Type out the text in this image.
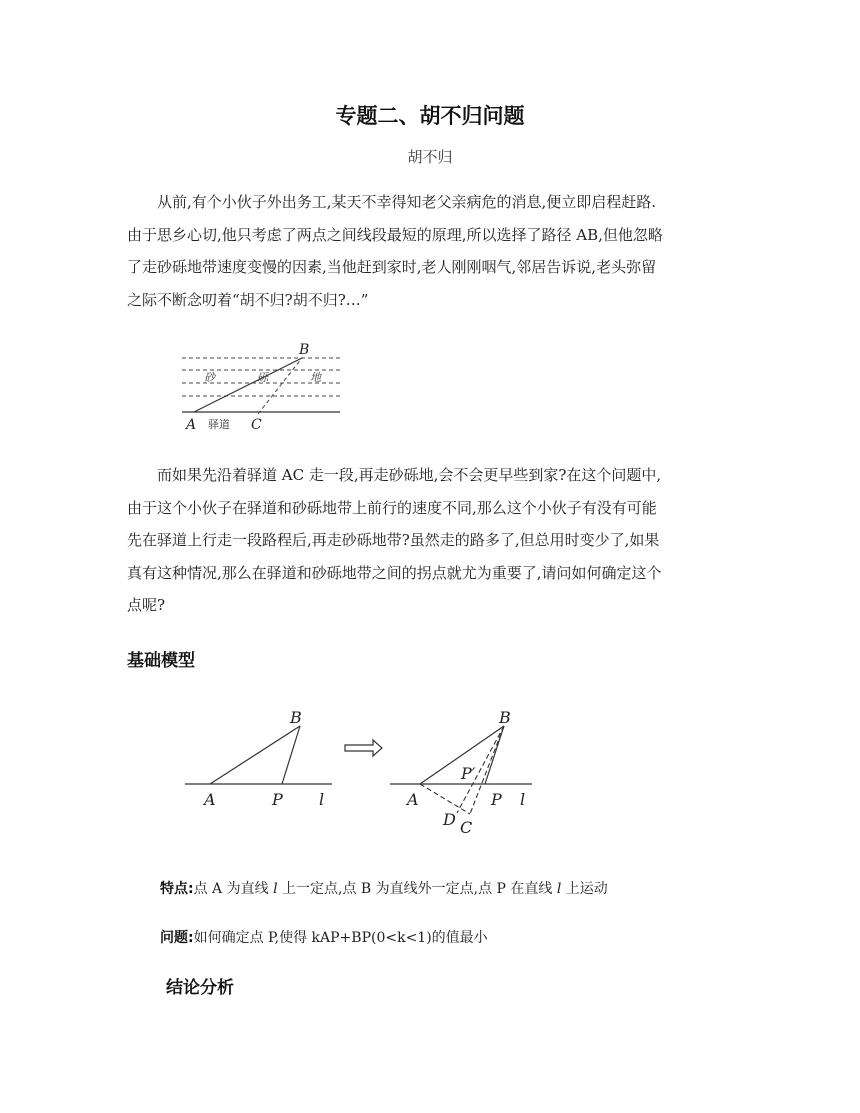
专题二、胡不归问题
胡不归
从前,有个小伙子外出务工,某天不幸得知老父亲病危的消息,便立即启程赶路.
由于思乡心切,他只考虑了两点之间线段最短的原理,所以选择了路径 AB,但他忽略
了走砂砾地带速度变慢的因素,当他赶到家时,老人刚刚咽气,邻居告诉说,老头弥留
之际不断念叨着“胡不归?胡不归?…”
B
A	C
驿道
砂	砾	地
而如果先沿着驿道 AC 走一段,再走砂砾地,会不会更早些到家?在这个问题中,
由于这个小伙子在驿道和砂砾地带上前行的速度不同,那么这个小伙子有没有可能
先在驿道上行走一段路程后,再走砂砾地带?虽然走的路多了,但总用时变少了,如果
真有这种情况,那么在驿道和砂砾地带之间的拐点就尤为重要了,请问如何确定这个
点呢?
基础模型
B
A	P l
B
P′
A	P l
D C
特点:点 A 为直线 l 上一定点,点 B 为直线外一定点,点 P 在直线 l 上运动
问题:如何确定点 P,使得 kAP+BP(0<k<1)的值最小
结论分析
